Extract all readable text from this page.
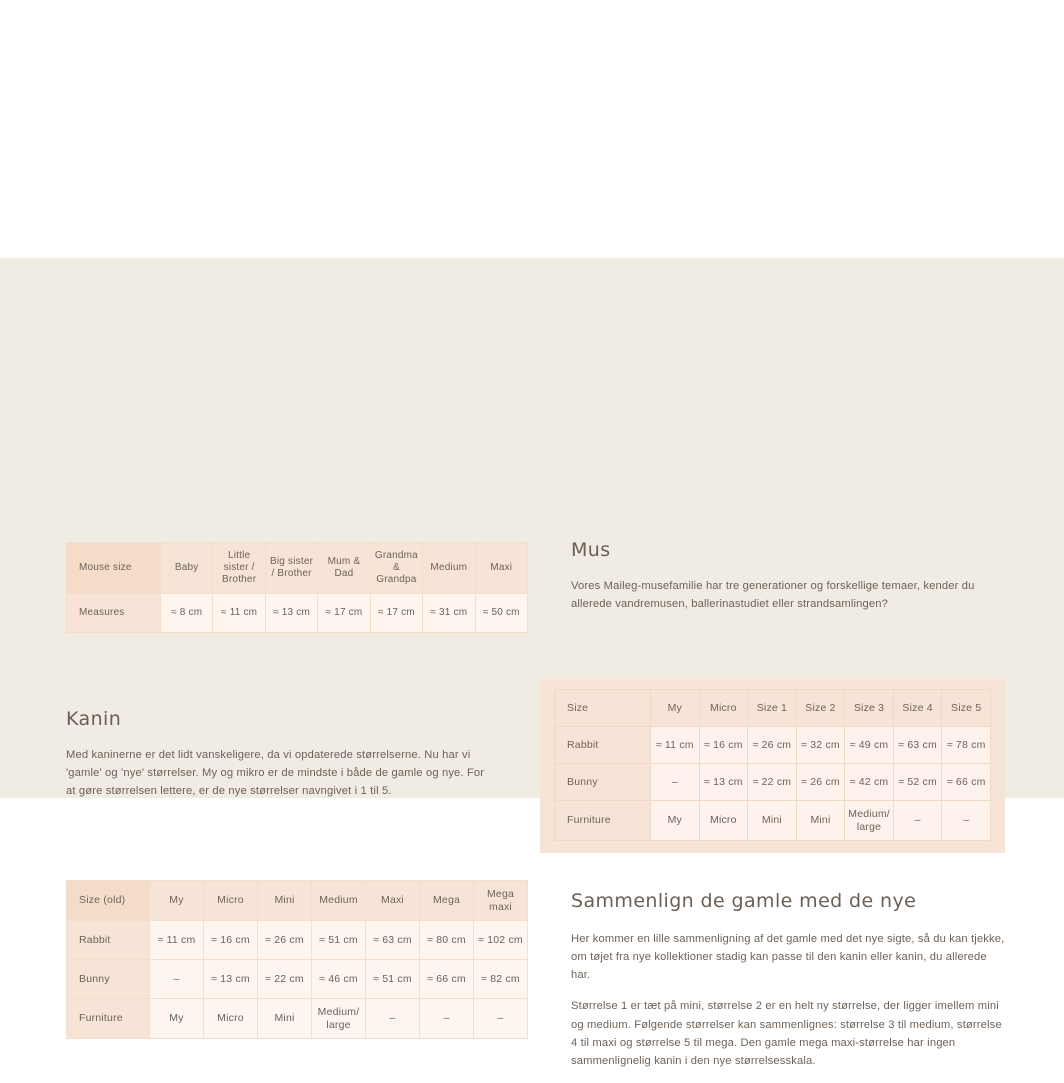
Mouse size	Baby	Little sister / Brother	Big sister / Brother	Mum & Dad	Grandma & Grandpa	Medium	Maxi
Measures	≈ 8 cm	≈ 11 cm	≈ 13 cm	≈ 17 cm	≈ 17 cm	≈ 31 cm	≈ 50 cm
Mus

Vores Maileg-musefamilie har tre generationer og forskellige temaer, kender du allerede vandremusen, ballerinastudiet eller strandsamlingen?

Size	My	Micro	Size 1	Size 2	Size 3	Size 4	Size 5
Rabbit	≈ 11 cm	≈ 16 cm	≈ 26 cm	≈ 32 cm	≈ 49 cm	≈ 63 cm	≈ 78 cm
Bunny	–	≈ 13 cm	≈ 22 cm	≈ 26 cm	≈ 42 cm	≈ 52 cm	≈ 66 cm
Furniture	My	Micro	Mini	Mini	Medium/ large	–	–
Kanin

Med kaninerne er det lidt vanskeligere, da vi opdaterede størrelserne. Nu har vi 'gamle' og 'nye' størrelser. My og mikro er de mindste i både de gamle og nye. For at gøre størrelsen lettere, er de nye størrelser navngivet i 1 til 5.

Size (old)	My	Micro	Mini	Medium	Maxi	Mega	Mega maxi
Rabbit	≈ 11 cm	≈ 16 cm	≈ 26 cm	≈ 51 cm	≈ 63 cm	≈ 80 cm	≈ 102 cm
Bunny	–	≈ 13 cm	≈ 22 cm	≈ 46 cm	≈ 51 cm	≈ 66 cm	≈ 82 cm
Furniture	My	Micro	Mini	Medium/ large	–	–	–
Sammenlign de gamle med de nye

Her kommer en lille sammenligning af det gamle med det nye sigte, så du kan tjekke, om tøjet fra nye kollektioner stadig kan passe til den kanin eller kanin, du allerede har.

Størrelse 1 er tæt på mini, størrelse 2 er en helt ny størrelse, der ligger imellem mini og medium. Følgende størrelser kan sammenlignes: størrelse 3 til medium, størrelse 4 til maxi og størrelse 5 til mega. Den gamle mega maxi-størrelse har ingen sammenlignelig kanin i den nye størrelsesskala.
